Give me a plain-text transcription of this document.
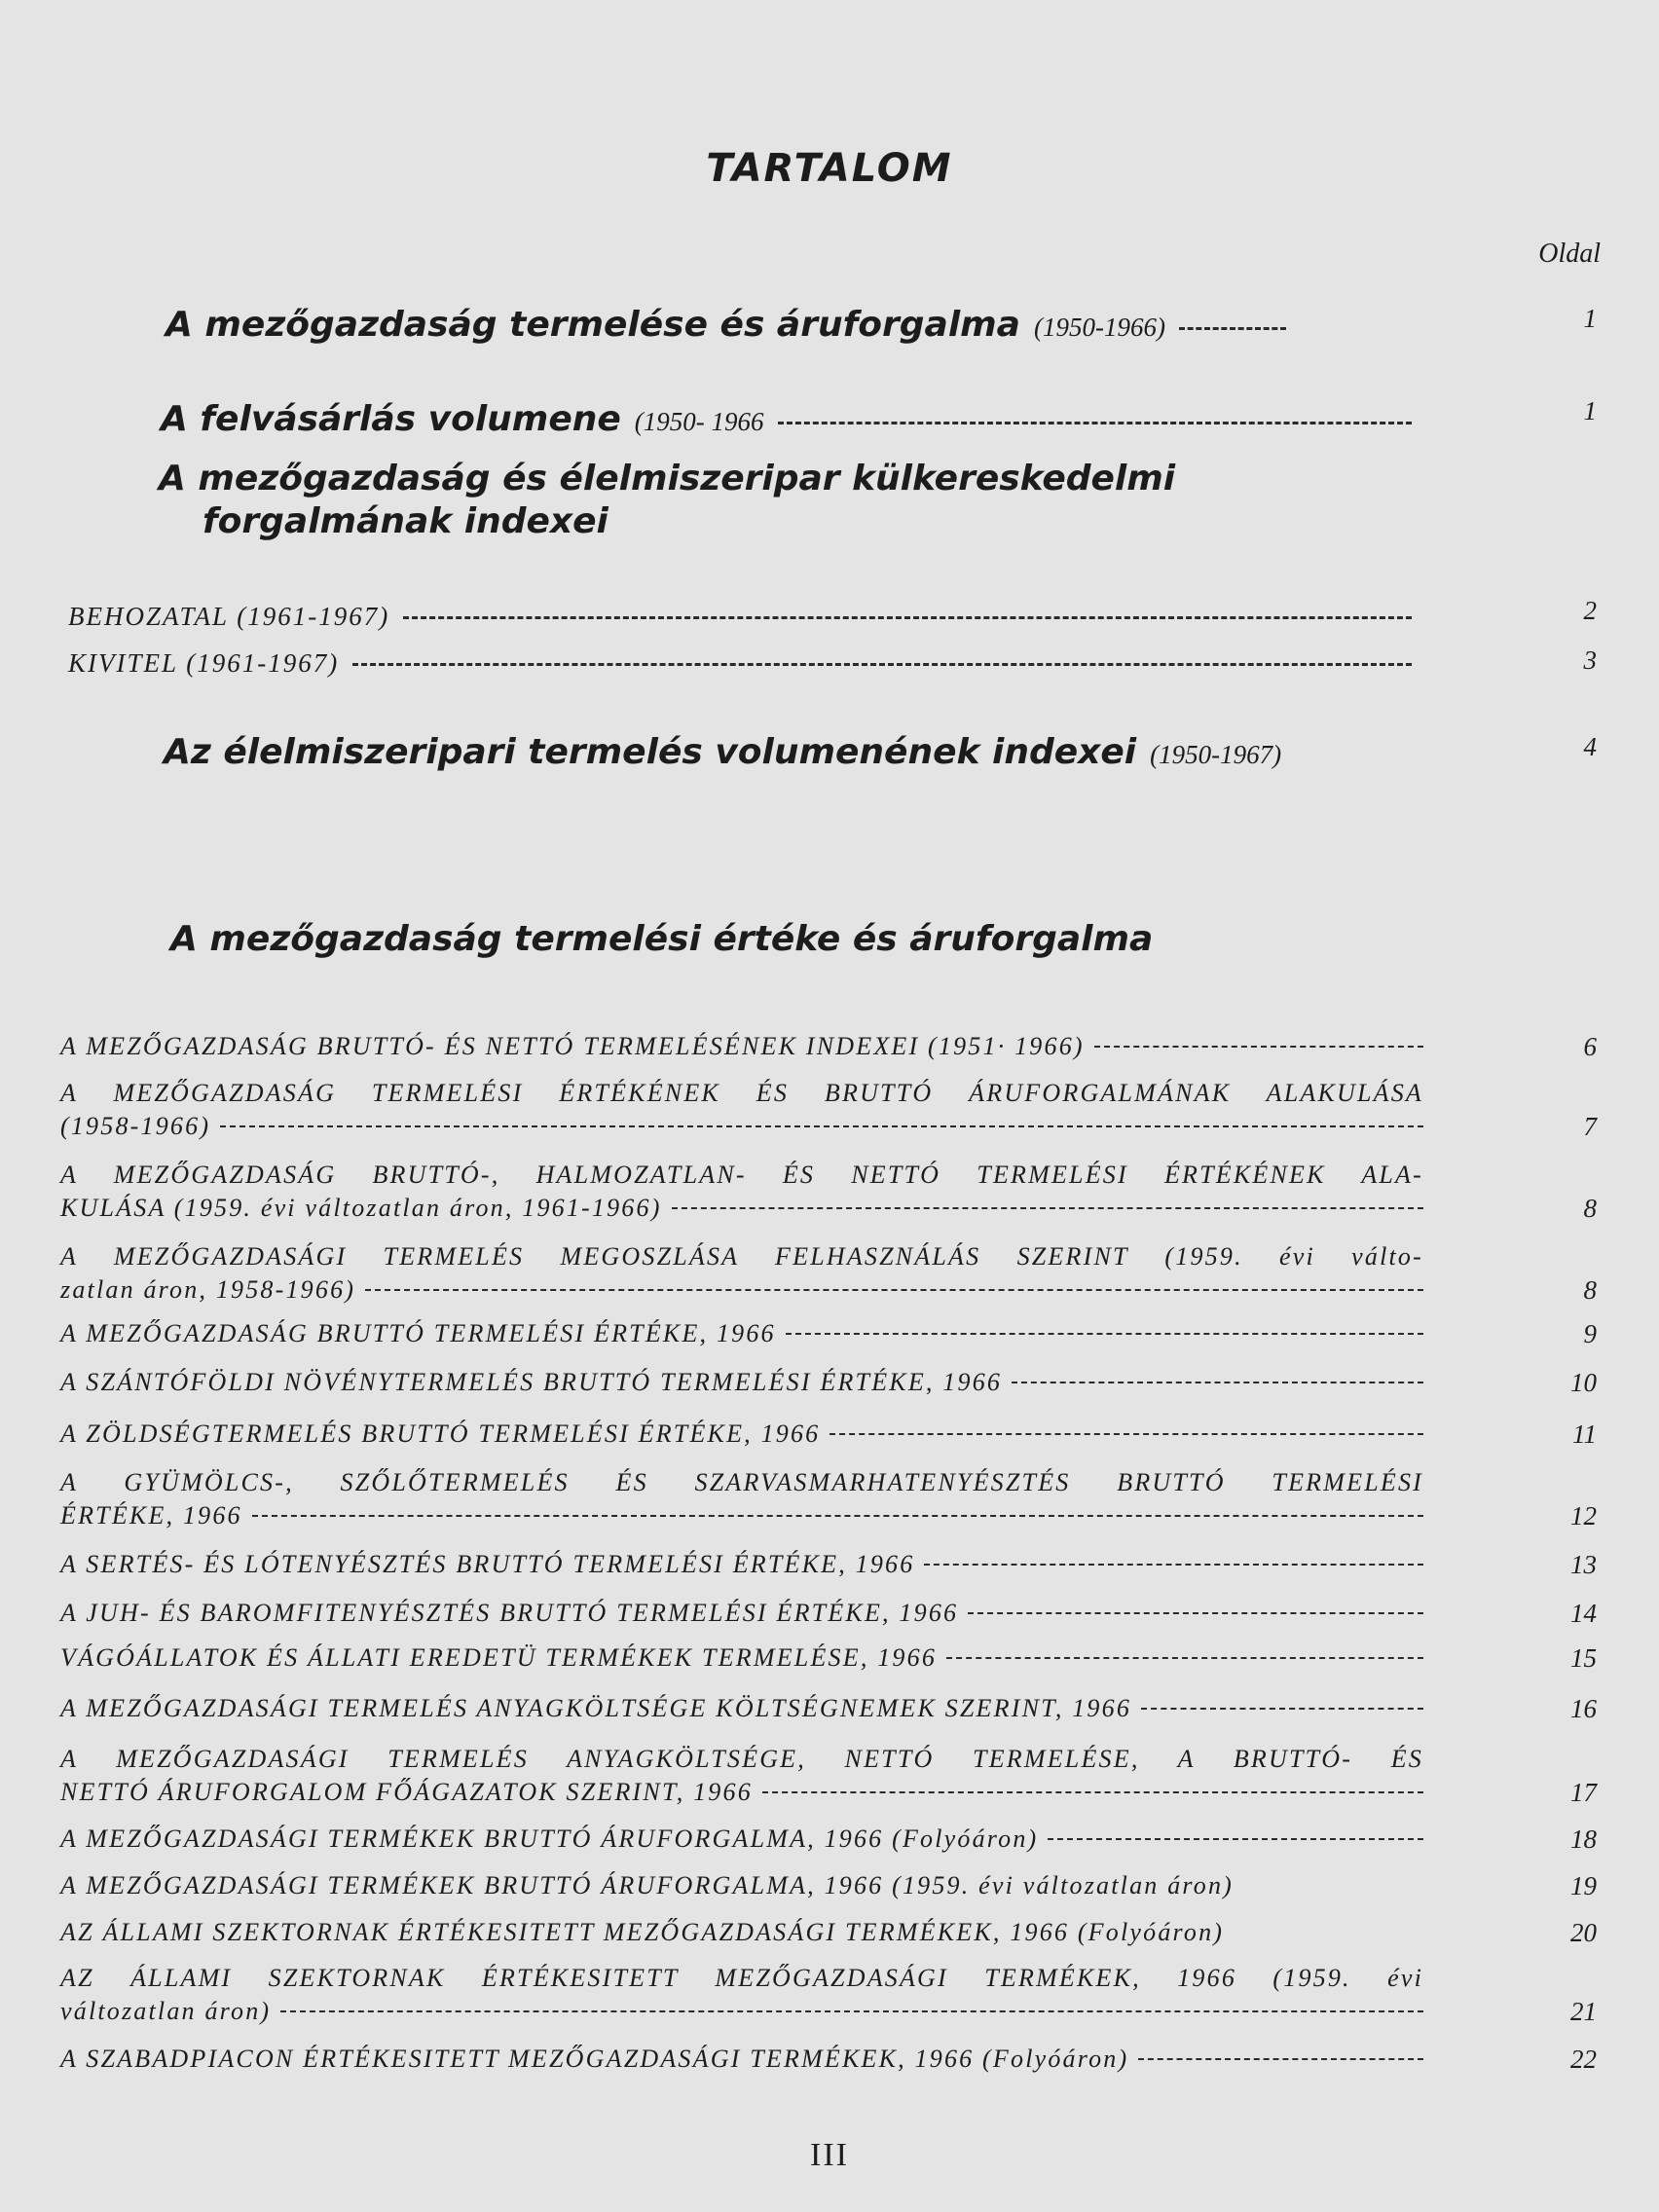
TARTALOM
Oldal
A mezőgazdaság termelése és áruforgalma (1950-1966)	1
A felvásárlás volumene (1950- 1966	1
A mezőgazdaság és élelmiszeripar külkereskedelmi
forgalmának indexei
BEHOZATAL (1961-1967)	2
KIVITEL (1961-1967)	3
Az élelmiszeripari termelés volumenének indexei (1950-1967)	4
A mezőgazdaság termelési értéke és áruforgalma
A MEZŐGAZDASÁG BRUTTÓ- ÉS NETTÓ TERMELÉSÉNEK INDEXEI (1951· 1966)	6
A MEZŐGAZDASÁG TERMELÉSI ÉRTÉKÉNEK ÉS BRUTTÓ ÁRUFORGALMÁNAK ALAKULÁSA
(1958-1966)	7
A MEZŐGAZDASÁG BRUTTÓ-, HALMOZATLAN- ÉS NETTÓ TERMELÉSI ÉRTÉKÉNEK ALA-
KULÁSA (1959. évi változatlan áron, 1961-1966)	8
A MEZŐGAZDASÁGI TERMELÉS MEGOSZLÁSA FELHASZNÁLÁS SZERINT (1959. évi válto-
zatlan áron, 1958-1966)	8
A MEZŐGAZDASÁG BRUTTÓ TERMELÉSI ÉRTÉKE, 1966	9
A SZÁNTÓFÖLDI NÖVÉNYTERMELÉS BRUTTÓ TERMELÉSI ÉRTÉKE, 1966	10
A ZÖLDSÉGTERMELÉS BRUTTÓ TERMELÉSI ÉRTÉKE, 1966	11
A GYÜMÖLCS-, SZŐLŐTERMELÉS ÉS SZARVASMARHATENYÉSZTÉS BRUTTÓ TERMELÉSI
ÉRTÉKE, 1966	12
A SERTÉS- ÉS LÓTENYÉSZTÉS BRUTTÓ TERMELÉSI ÉRTÉKE, 1966	13
A JUH- ÉS BAROMFITENYÉSZTÉS BRUTTÓ TERMELÉSI ÉRTÉKE, 1966	14
VÁGÓÁLLATOK ÉS ÁLLATI EREDETÜ TERMÉKEK TERMELÉSE, 1966	15
A MEZŐGAZDASÁGI TERMELÉS ANYAGKÖLTSÉGE KÖLTSÉGNEMEK SZERINT, 1966	16
A MEZŐGAZDASÁGI TERMELÉS ANYAGKÖLTSÉGE, NETTÓ TERMELÉSE, A BRUTTÓ- ÉS
NETTÓ ÁRUFORGALOM FŐÁGAZATOK SZERINT, 1966	17
A MEZŐGAZDASÁGI TERMÉKEK BRUTTÓ ÁRUFORGALMA, 1966 (Folyóáron)	18
A MEZŐGAZDASÁGI TERMÉKEK BRUTTÓ ÁRUFORGALMA, 1966 (1959. évi változatlan áron)	19
AZ ÁLLAMI SZEKTORNAK ÉRTÉKESITETT MEZŐGAZDASÁGI TERMÉKEK, 1966 (Folyóáron)	20
AZ ÁLLAMI SZEKTORNAK ÉRTÉKESITETT MEZŐGAZDASÁGI TERMÉKEK, 1966 (1959. évi
változatlan áron)	21
A SZABADPIACON ÉRTÉKESITETT MEZŐGAZDASÁGI TERMÉKEK, 1966 (Folyóáron)	22
III
